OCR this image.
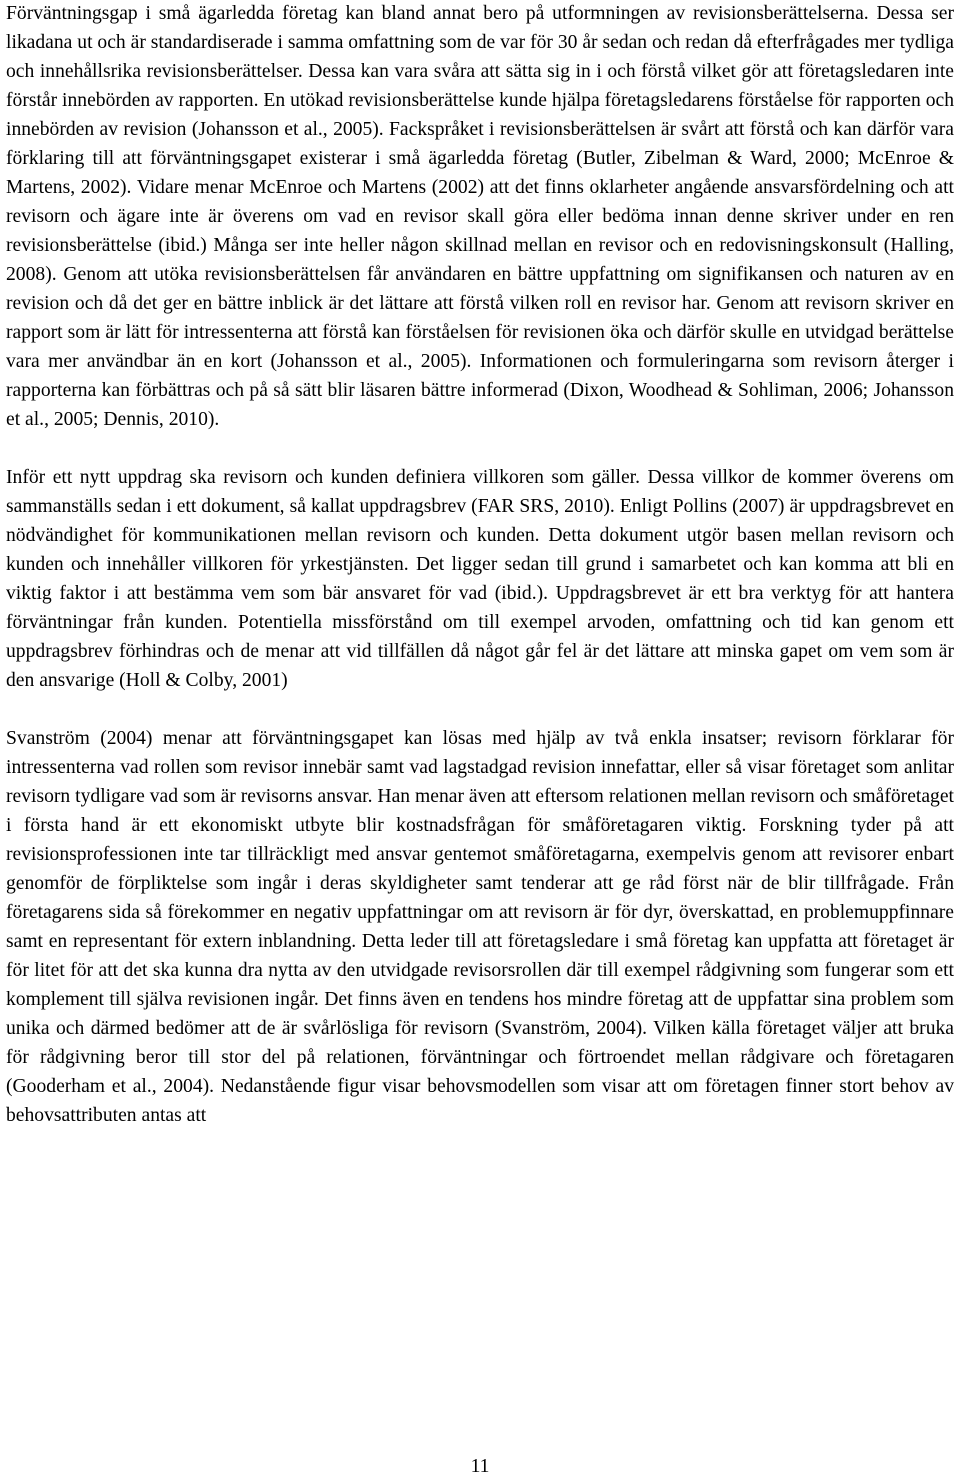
Förväntningsgap i små ägarledda företag kan bland annat bero på utformningen av revisionsberättelserna. Dessa ser likadana ut och är standardiserade i samma omfattning som de var för 30 år sedan och redan då efterfrågades mer tydliga och innehållsrika revisionsberättelser. Dessa kan vara svåra att sätta sig in i och förstå vilket gör att företagsledaren inte förstår innebörden av rapporten. En utökad revisionsberättelse kunde hjälpa företagsledarens förståelse för rapporten och innebörden av revision (Johansson et al., 2005). Fackspråket i revisionsberättelsen är svårt att förstå och kan därför vara förklaring till att förväntningsgapet existerar i små ägarledda företag (Butler, Zibelman & Ward, 2000; McEnroe & Martens, 2002). Vidare menar McEnroe och Martens (2002) att det finns oklarheter angående ansvarsfördelning och att revisorn och ägare inte är överens om vad en revisor skall göra eller bedöma innan denne skriver under en ren revisionsberättelse (ibid.) Många ser inte heller någon skillnad mellan en revisor och en redovisningskonsult (Halling, 2008). Genom att utöka revisionsberättelsen får användaren en bättre uppfattning om signifikansen och naturen av en revision och då det ger en bättre inblick är det lättare att förstå vilken roll en revisor har. Genom att revisorn skriver en rapport som är lätt för intressenterna att förstå kan förståelsen för revisionen öka och därför skulle en utvidgad berättelse vara mer användbar än en kort (Johansson et al., 2005). Informationen och formuleringarna som revisorn återger i rapporterna kan förbättras och på så sätt blir läsaren bättre informerad (Dixon, Woodhead & Sohliman, 2006; Johansson et al., 2005; Dennis, 2010).

Inför ett nytt uppdrag ska revisorn och kunden definiera villkoren som gäller. Dessa villkor de kommer överens om sammanställs sedan i ett dokument, så kallat uppdragsbrev (FAR SRS, 2010). Enligt Pollins (2007) är uppdragsbrevet en nödvändighet för kommunikationen mellan revisorn och kunden. Detta dokument utgör basen mellan revisorn och kunden och innehåller villkoren för yrkestjänsten. Det ligger sedan till grund i samarbetet och kan komma att bli en viktig faktor i att bestämma vem som bär ansvaret för vad (ibid.). Uppdragsbrevet är ett bra verktyg för att hantera förväntningar från kunden. Potentiella missförstånd om till exempel arvoden, omfattning och tid kan genom ett uppdragsbrev förhindras och de menar att vid tillfällen då något går fel är det lättare att minska gapet om vem som är den ansvarige (Holl & Colby, 2001)

Svanström (2004) menar att förväntningsgapet kan lösas med hjälp av två enkla insatser; revisorn förklarar för intressenterna vad rollen som revisor innebär samt vad lagstadgad revision innefattar, eller så visar företaget som anlitar revisorn tydligare vad som är revisorns ansvar. Han menar även att eftersom relationen mellan revisorn och småföretaget i första hand är ett ekonomiskt utbyte blir kostnadsfrågan för småföretagaren viktig. Forskning tyder på att revisionsprofessionen inte tar tillräckligt med ansvar gentemot småföretagarna, exempelvis genom att revisorer enbart genomför de förpliktelse som ingår i deras skyldigheter samt tenderar att ge råd först när de blir tillfrågade. Från företagarens sida så förekommer en negativ uppfattningar om att revisorn är för dyr, överskattad, en problemuppfinnare samt en representant för extern inblandning. Detta leder till att företagsledare i små företag kan uppfatta att företaget är för litet för att det ska kunna dra nytta av den utvidgade revisorsrollen där till exempel rådgivning som fungerar som ett komplement till själva revisionen ingår. Det finns även en tendens hos mindre företag att de uppfattar sina problem som unika och därmed bedömer att de är svårlösliga för revisorn (Svanström, 2004). Vilken källa företaget väljer att bruka för rådgivning beror till stor del på relationen, förväntningar och förtroendet mellan rådgivare och företagaren (Gooderham et al., 2004). Nedanstående figur visar behovsmodellen som visar att om företagen finner stort behov av behovsattributen antas att

11
